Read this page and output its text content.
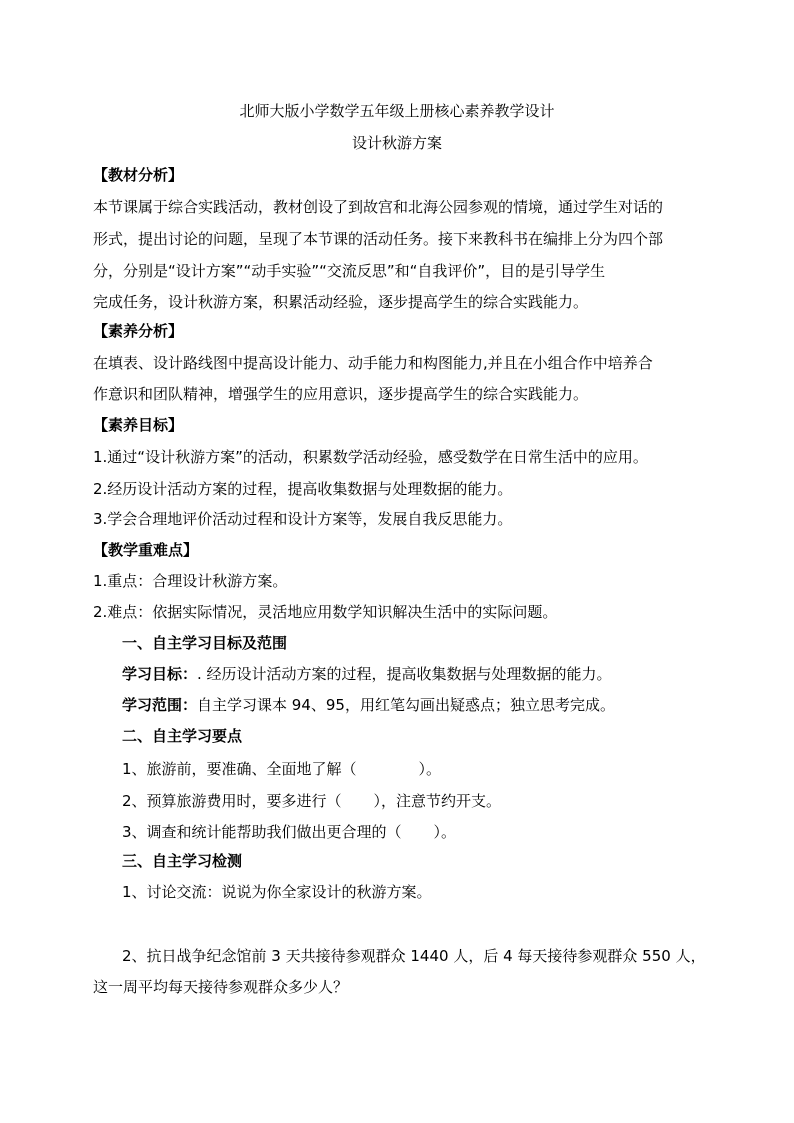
北师大版小学数学五年级上册核心素养教学设计
设计秋游方案
【教材分析】
本节课属于综合实践活动，教材创设了到故宫和北海公园参观的情境，通过学生对话的
形式，提出讨论的问题，呈现了本节课的活动任务。接下来教科书在编排上分为四个部
分，分别是“设计方案”“动手实验”“交流反思”和“自我评价”，目的是引导学生
完成任务，设计秋游方案，积累活动经验，逐步提高学生的综合实践能力。
【素养分析】
在填表、设计路线图中提高设计能力、动手能力和构图能力,并且在小组合作中培养合
作意识和团队精神，增强学生的应用意识，逐步提高学生的综合实践能力。
【素养目标】
1.通过“设计秋游方案”的活动，积累数学活动经验，感受数学在日常生活中的应用。
2.经历设计活动方案的过程，提高收集数据与处理数据的能力。
3.学会合理地评价活动过程和设计方案等，发展自我反思能力。
【教学重难点】
1.重点：合理设计秋游方案。
2.难点：依据实际情况，灵活地应用数学知识解决生活中的实际问题。
一、自主学习目标及范围
学习目标：. 经历设计活动方案的过程，提高收集数据与处理数据的能力。
学习范围：自主学习课本 94、95，用红笔勾画出疑惑点；独立思考完成。
二、自主学习要点
1、旅游前，要准确、全面地了解（	）。
2、预算旅游费用时，要多进行（ ），注意节约开支。
3、调查和统计能帮助我们做出更合理的（ ）。
三、自主学习检测
1、讨论交流：说说为你全家设计的秋游方案。
2、抗日战争纪念馆前 3 天共接待参观群众 1440 人，后 4 每天接待参观群众 550 人，
这一周平均每天接待参观群众多少人？
